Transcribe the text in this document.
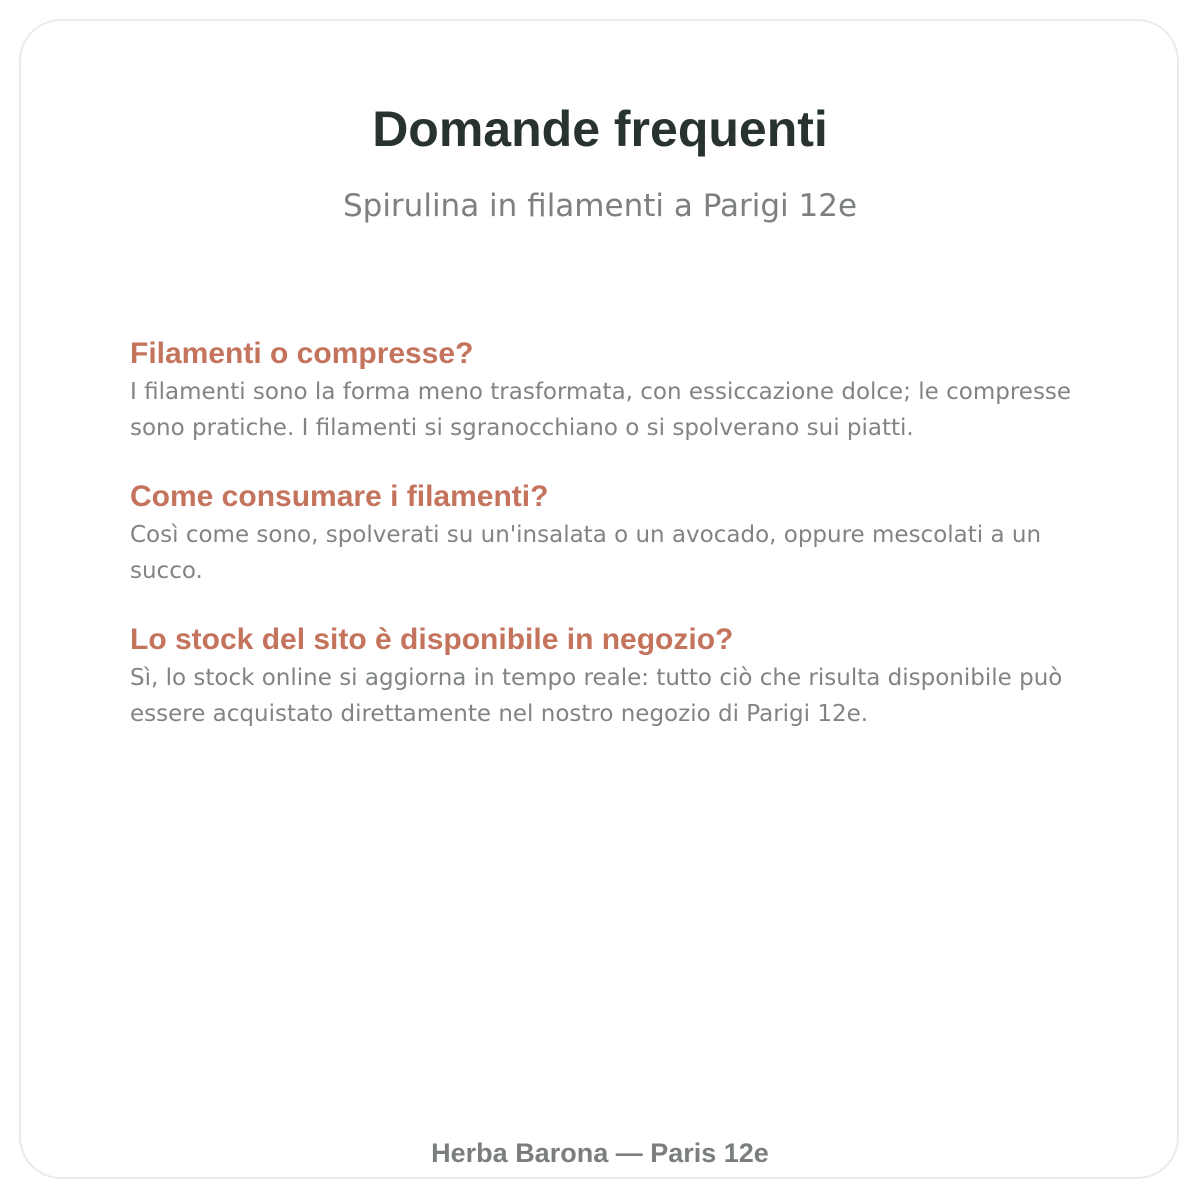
Domande frequenti
Spirulina in filamenti a Parigi 12e
Filamenti o compresse?
I filamenti sono la forma meno trasformata, con essiccazione dolce; le compresse sono pratiche. I filamenti si sgranocchiano o si spolverano sui piatti.
Come consumare i filamenti?
Così come sono, spolverati su un'insalata o un avocado, oppure mescolati a un succo.
Lo stock del sito è disponibile in negozio?
Sì, lo stock online si aggiorna in tempo reale: tutto ciò che risulta disponibile può essere acquistato direttamente nel nostro negozio di Parigi 12e.
Herba Barona — Paris 12e
